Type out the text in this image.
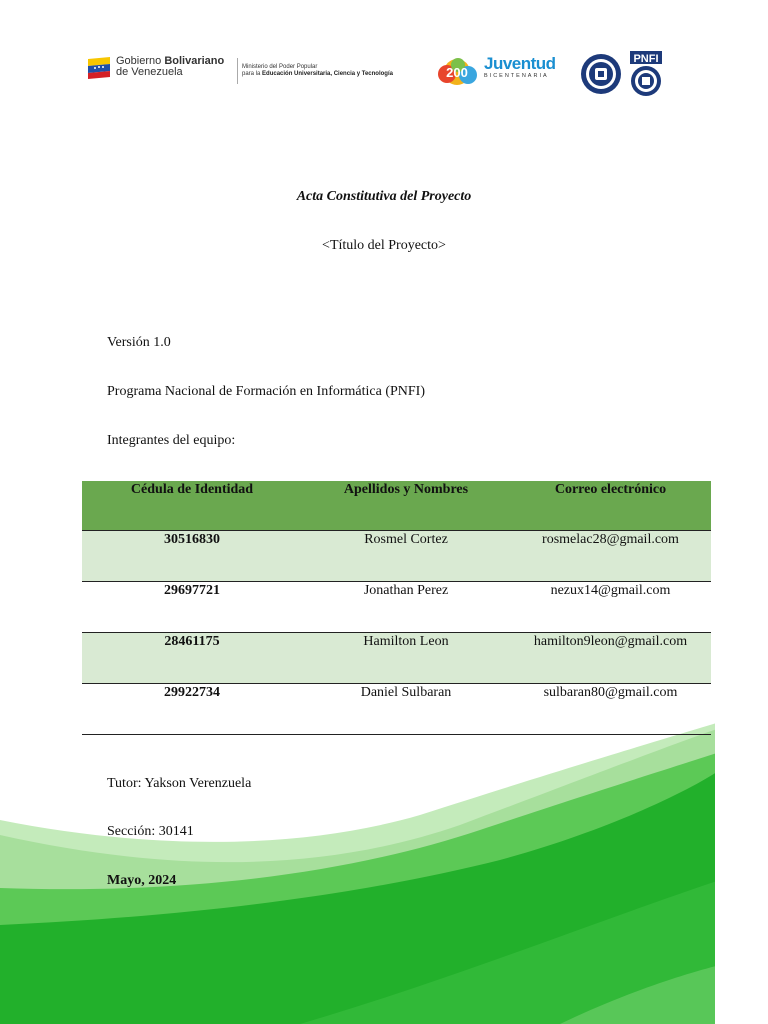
Gobierno Bolivariano
de Venezuela	Ministerio del Poder Popular
para la Educación Universitaria, Ciencia y Tecnología	200 Juventud
BICENTENARIA
PNFI
Acta Constitutiva del Proyecto
<Título del Proyecto>
Versión 1.0
Programa Nacional de Formación en Informática (PNFI)
Integrantes del equipo:
Cédula de Identidad	Apellidos y Nombres	Correo electrónico
30516830	Rosmel Cortez	rosmelac28@gmail.com
29697721	Jonathan Perez	nezux14@gmail.com
28461175	Hamilton Leon	hamilton9leon@gmail.com
29922734	Daniel Sulbaran	sulbaran80@gmail.com
Tutor: Yakson Verenzuela
Sección: 30141
Mayo, 2024
